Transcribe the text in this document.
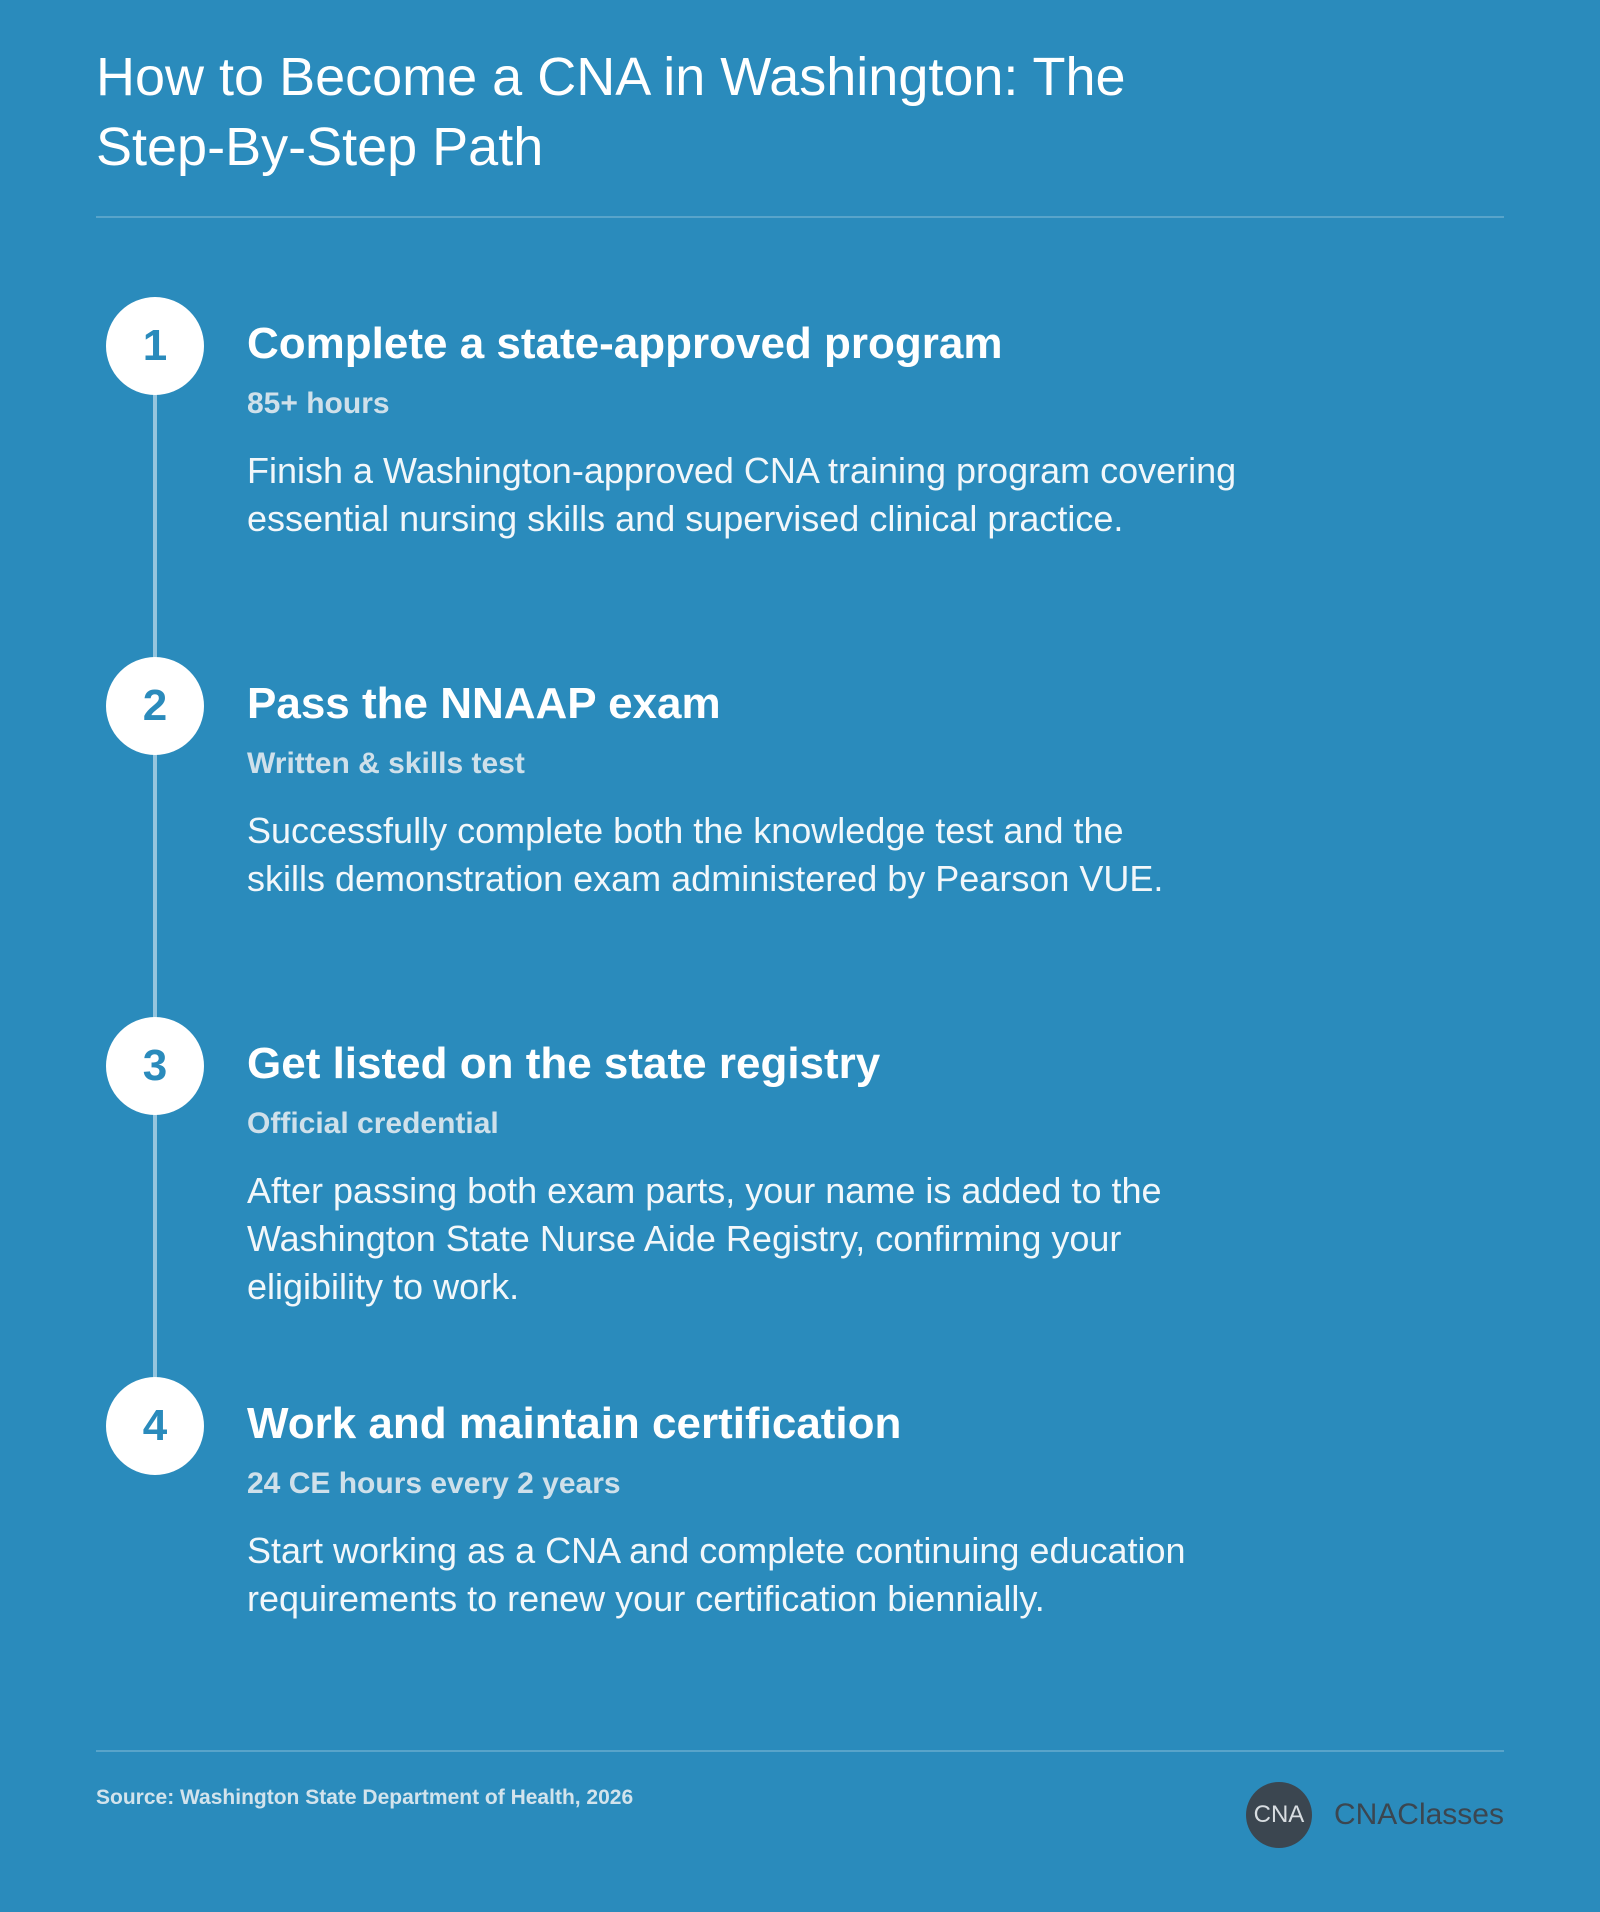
How to Become a CNA in Washington: The
Step-By-Step Path
1	Complete a state-approved program
85+ hours

Finish a Washington-approved CNA training program covering
essential nursing skills and supervised clinical practice.

2	Pass the NNAAP exam
Written & skills test

Successfully complete both the knowledge test and the
skills demonstration exam administered by Pearson VUE.

3	Get listed on the state registry
Official credential

After passing both exam parts, your name is added to the
Washington State Nurse Aide Registry, confirming your
eligibility to work.

4	Work and maintain certification
24 CE hours every 2 years

Start working as a CNA and complete continuing education
requirements to renew your certification biennially.

Source: Washington State Department of Health, 2026
CNA CNAClasses
